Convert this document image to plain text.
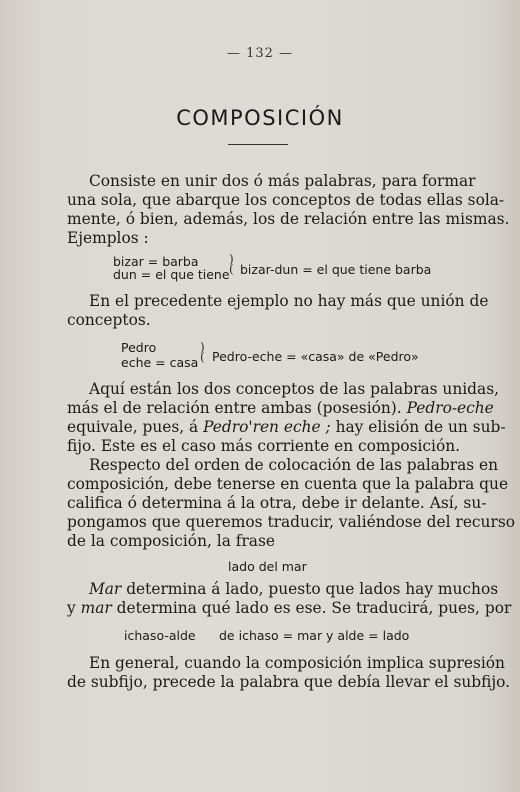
— 132 —
COMPOSICIÓN
Consiste en unir dos ó más palabras, para formar
una sola, que abarque los conceptos de todas ellas sola-
mente, ó bien, además, los de relación entre las mismas.
Ejemplos :
bizar = barba
dun = el que tiene
)
( bizar-dun = el que tiene barba
En el precedente ejemplo no hay más que unión de
conceptos.
Pedro
eche = casa
)
( Pedro-eche = «casa» de «Pedro»
Aquí están los dos conceptos de las palabras unidas,
más el de relación entre ambas (posesión). Pedro-eche
equivale, pues, á Pedro'ren eche ; hay elisión de un sub-
fijo. Este es el caso más corriente en composición.
Respecto del orden de colocación de las palabras en
composición, debe tenerse en cuenta que la palabra que
califica ó determina á la otra, debe ir delante. Así, su-
pongamos que queremos traducir, valiéndose del recurso
de la composición, la frase
lado del mar
Mar determina á lado, puesto que lados hay muchos
y mar determina qué lado es ese. Se traducirá, pues, por
ichaso-alde de ichaso = mar y alde = lado
En general, cuando la composición implica supresión
de subfijo, precede la palabra que debía llevar el subfijo.
